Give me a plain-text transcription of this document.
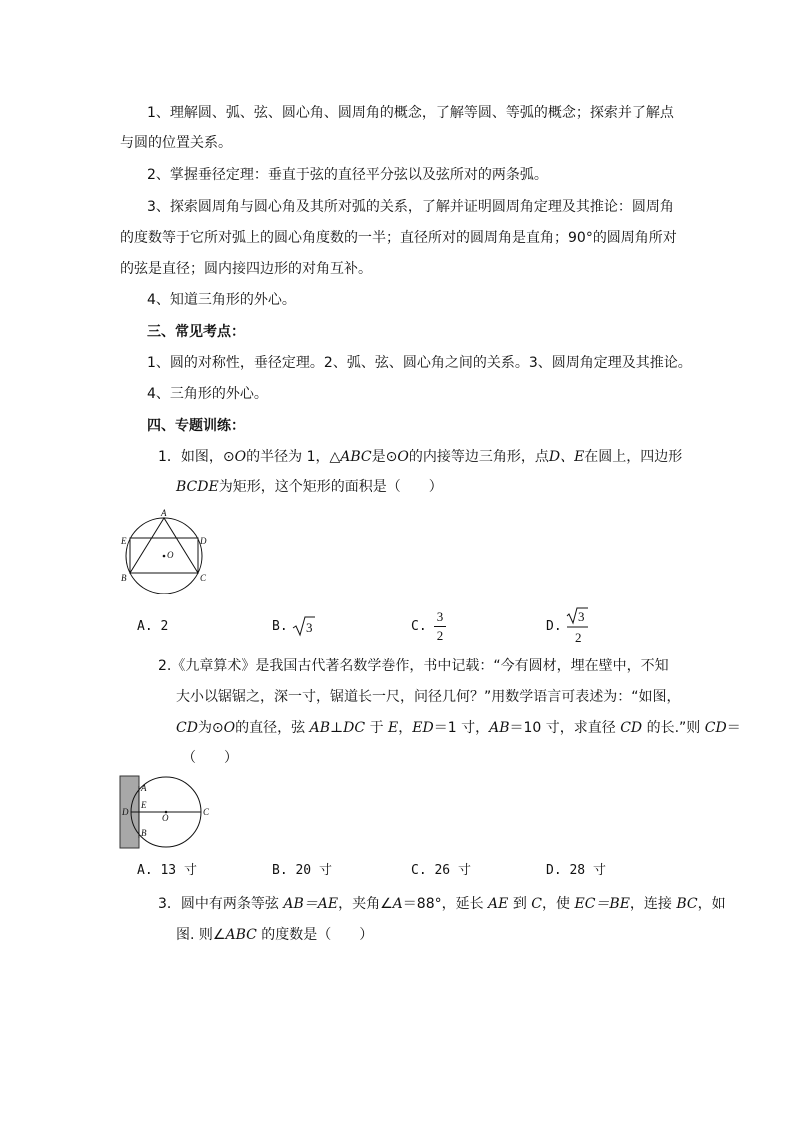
1、理解圆、弧、弦、圆心角、圆周角的概念，了解等圆、等弧的概念；探索并了解点
与圆的位置关系。
2、掌握垂径定理：垂直于弦的直径平分弦以及弦所对的两条弧。
3、探索圆周角与圆心角及其所对弧的关系，了解并证明圆周角定理及其推论：圆周角
的度数等于它所对弧上的圆心角度数的一半；直径所对的圆周角是直角；90°的圆周角所对
的弦是直径；圆内接四边形的对角互补。
4、知道三角形的外心。
三、常见考点：
1、圆的对称性，垂径定理。2、弧、弦、圆心角之间的关系。3、圆周角定理及其推论。
4、三角形的外心。
四、专题训练：
1．如图，⊙O的半径为 1，△ABC是⊙O的内接等边三角形，点D、E在圆上，四边形
BCDE为矩形，这个矩形的面积是（　　）
A
E	D
O
B	C
A. 2	B. 3	C.
3
2
D.
3
2
2.《九章算术》是我国古代著名数学巻作，书中记载：“今有圆材，埋在壁中，不知
大小以锯锯之，深一寸，锯道长一尺，问径几何？”用数学语言可表述为：“如图，
CD为⊙O的直径，弦 AB⊥DC 于 E，ED＝1 寸，AB＝10 寸，求直径 CD 的长.”则 CD＝
（　　）
A
D
E
O
C
B
A. 13 寸	B. 20 寸	C. 26 寸	D. 28 寸
3．圆中有两条等弦 AB＝AE，夹角∠A＝88°，延长 AE 到 C，使 EC＝BE，连接 BC，如
图. 则∠ABC 的度数是（　　）
